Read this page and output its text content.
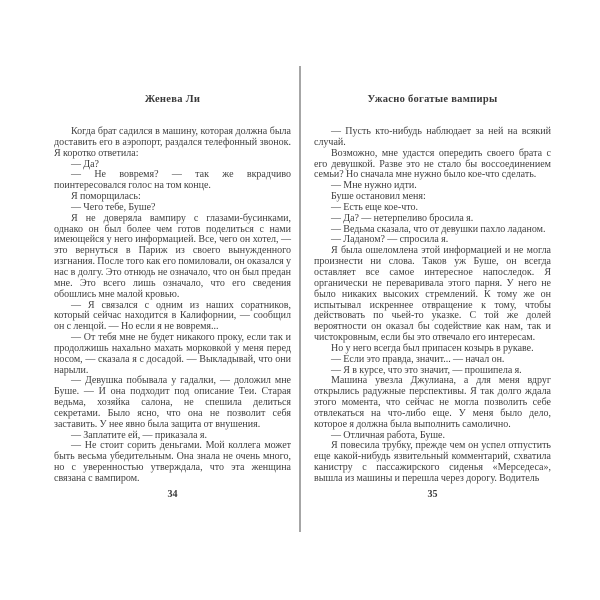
Женева Ли

Когда брат садился в машину, которая должна была доставить его в аэропорт, раздался телефонный звонок. Я коротко ответила:

— Да?

— Не вовремя? — так же вкрадчиво поинтересовался голос на том конце.

Я поморщилась:

— Чего тебе, Буше?

Я не доверяла вампиру с глазами-бусинками, однако он был более чем готов поделиться с нами имеющейся у него информацией. Все, чего он хотел, — это вернуться в Париж из своего вынужденного изгнания. После того как его помиловали, он оказался у нас в долгу. Это отнюдь не означало, что он был предан мне. Это всего лишь означало, что его сведения обошлись мне малой кровью.

— Я связался с одним из наших соратников, который сейчас находится в Калифорнии, — сообщил он с ленцой. — Но если я не вовремя...

— От тебя мне не будет никакого проку, если так и продолжишь нахально махать морковкой у меня перед носом, — сказала я с досадой. — Выкладывай, что они нарыли.

— Девушка побывала у гадалки, — доложил мне Буше. — И она подходит под описание Теи. Старая ведьма, хозяйка салона, не спешила делиться секретами. Было ясно, что она не позволит себя заставить. У нее явно была защита от внушения.

— Заплатите ей, — приказала я.

— Не стоит сорить деньгами. Мой коллега может быть весьма убедительным. Она знала не очень много, но с уверенностью утверждала, что эта женщина связана с вампиром.

34
Ужасно богатые вампиры

— Пусть кто-нибудь наблюдает за ней на всякий случай.

Возможно, мне удастся опередить своего брата с его девушкой. Разве это не стало бы воссоединением семьи? Но сначала мне нужно было кое-что сделать.

— Мне нужно идти.

Буше остановил меня:

— Есть еще кое-что.

— Да? — нетерпеливо бросила я.

— Ведьма сказала, что от девушки пахло ладаном.

— Ладаном? — спросила я.

Я была ошеломлена этой информацией и не могла произнести ни слова. Таков уж Буше, он всегда оставляет все самое интересное напоследок. Я органически не переваривала этого парня. У него не было никаких высоких стремлений. К тому же он испытывал искреннее отвращение к тому, чтобы действовать по чьей-то указке. С той же долей вероятности он оказал бы содействие как нам, так и чистокровным, если бы это отвечало его интересам.

Но у него всегда был припасен козырь в рукаве.

— Если это правда, значит... — начал он.

— Я в курсе, что это значит, — прошипела я.

Машина увезла Джулиана, а для меня вдруг открылись радужные перспективы. Я так долго ждала этого момента, что сейчас не могла позволить себе отвлекаться на что-либо еще. У меня было дело, которое я должна была выполнить самолично.

— Отличная работа, Буше.

Я повесила трубку, прежде чем он успел отпустить еще какой-нибудь язвительный комментарий, схватила канистру с пассажирского сиденья «Мерседеса», вышла из машины и перешла через дорогу. Водитель

35
